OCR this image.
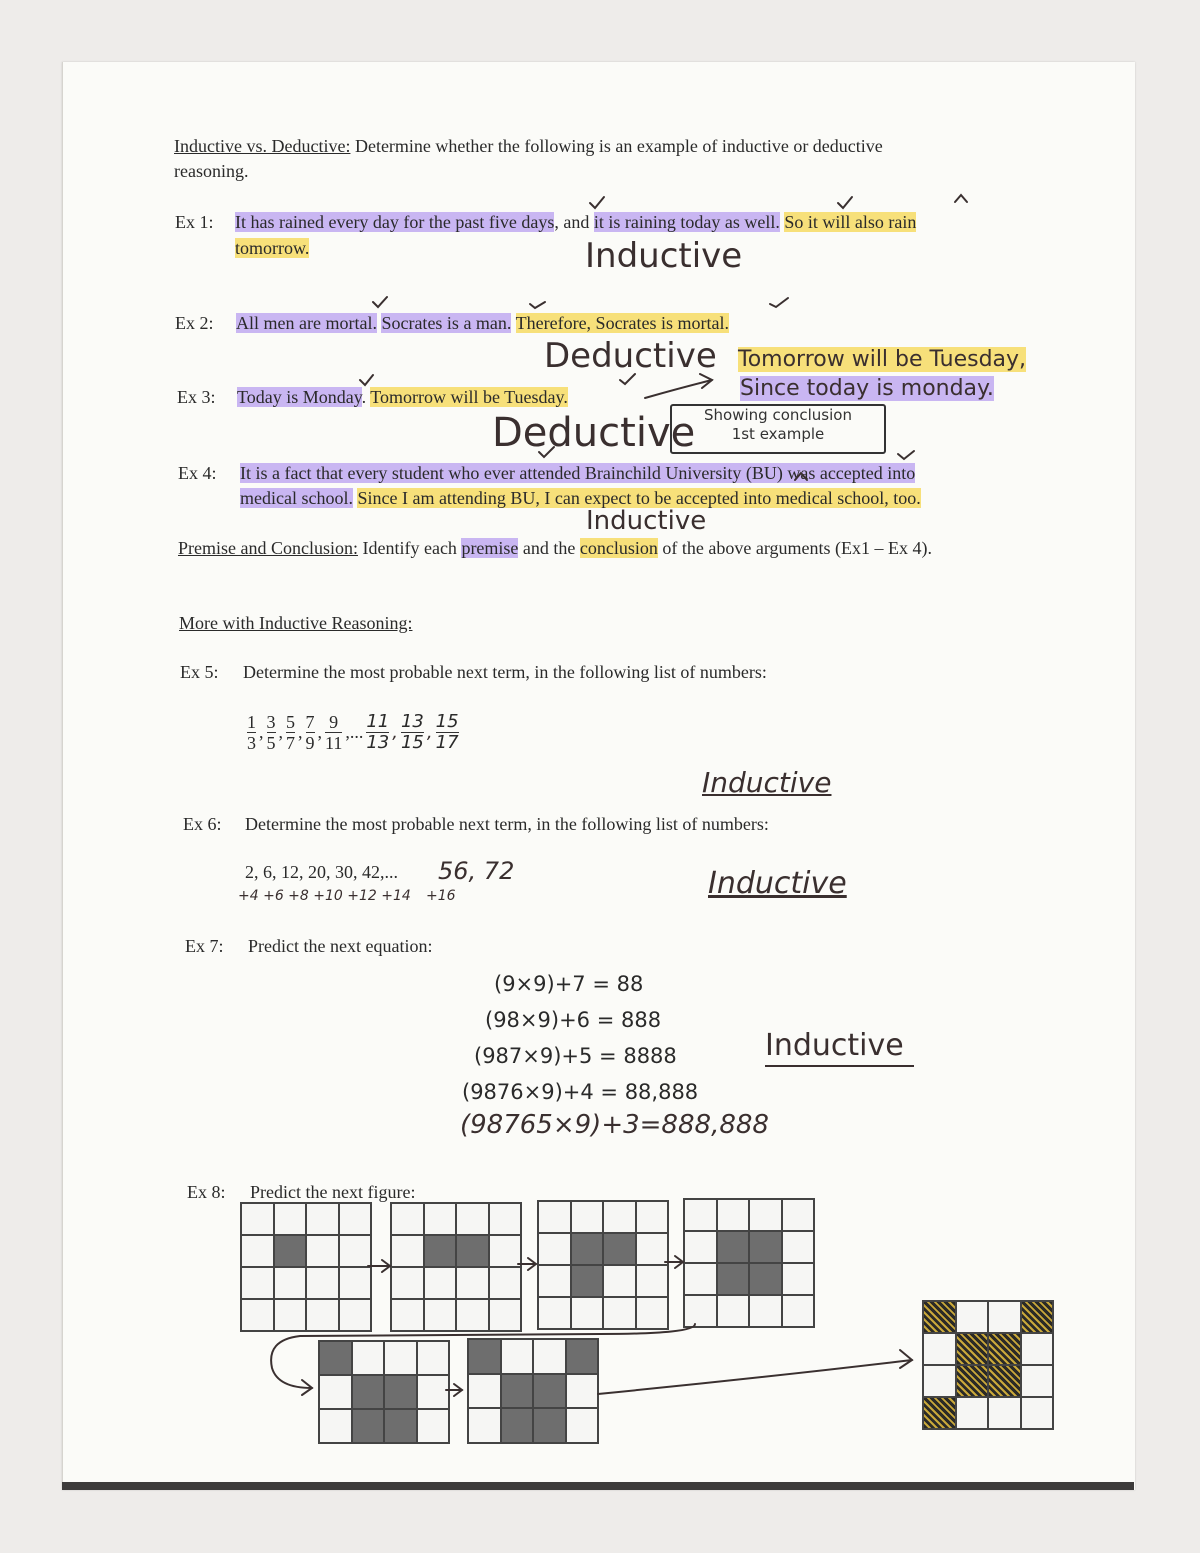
Inductive vs. Deductive: Determine whether the following is an example of inductive or deductive
reasoning.
Ex 1: It has rained every day for the past five days, and it is raining today as well. So it will also rain
tomorrow.	Inductive
Ex 2: All men are mortal. Socrates is a man. Therefore, Socrates is mortal.
Deductive
Ex 3: Today is Monday. Tomorrow will be Tuesday.
Tomorrow will be Tuesday,
Since today is monday.
Deductive Showing conclusion
1st example
Ex 4: It is a fact that every student who ever attended Brainchild University (BU) was accepted into
medical school. Since I am attending BU, I can expect to be accepted into medical school, too.
Inductive
Premise and Conclusion: Identify each premise and the conclusion of the above arguments (Ex1 – Ex 4).
More with Inductive Reasoning:
Ex 5: Determine the most probable next term, in the following list of numbers:
$\frac{1}{3}$ , $\frac{3}{5}$ , $\frac{5}{7}$ , $\frac{7}{9}$ , $\frac{9}{11}$ ,... $\frac{11}{13}$ , $\frac{13}{15}$ , $\frac{15}{17}$
Inductive
Ex 6: Determine the most probable next term, in the following list of numbers:
2, 6, 12, 20, 30, 42,... 56, 72
+4 +6 +8 +10 +12 +14 +16	Inductive
Ex 7: Predict the next equation:
(9×9)+7 = 88
(98×9)+6 = 888
(987×9)+5 = 8888
(9876×9)+4 = 88,888
(98765×9)+3=888,888
Inductive
Ex 8: Predict the next figure:
